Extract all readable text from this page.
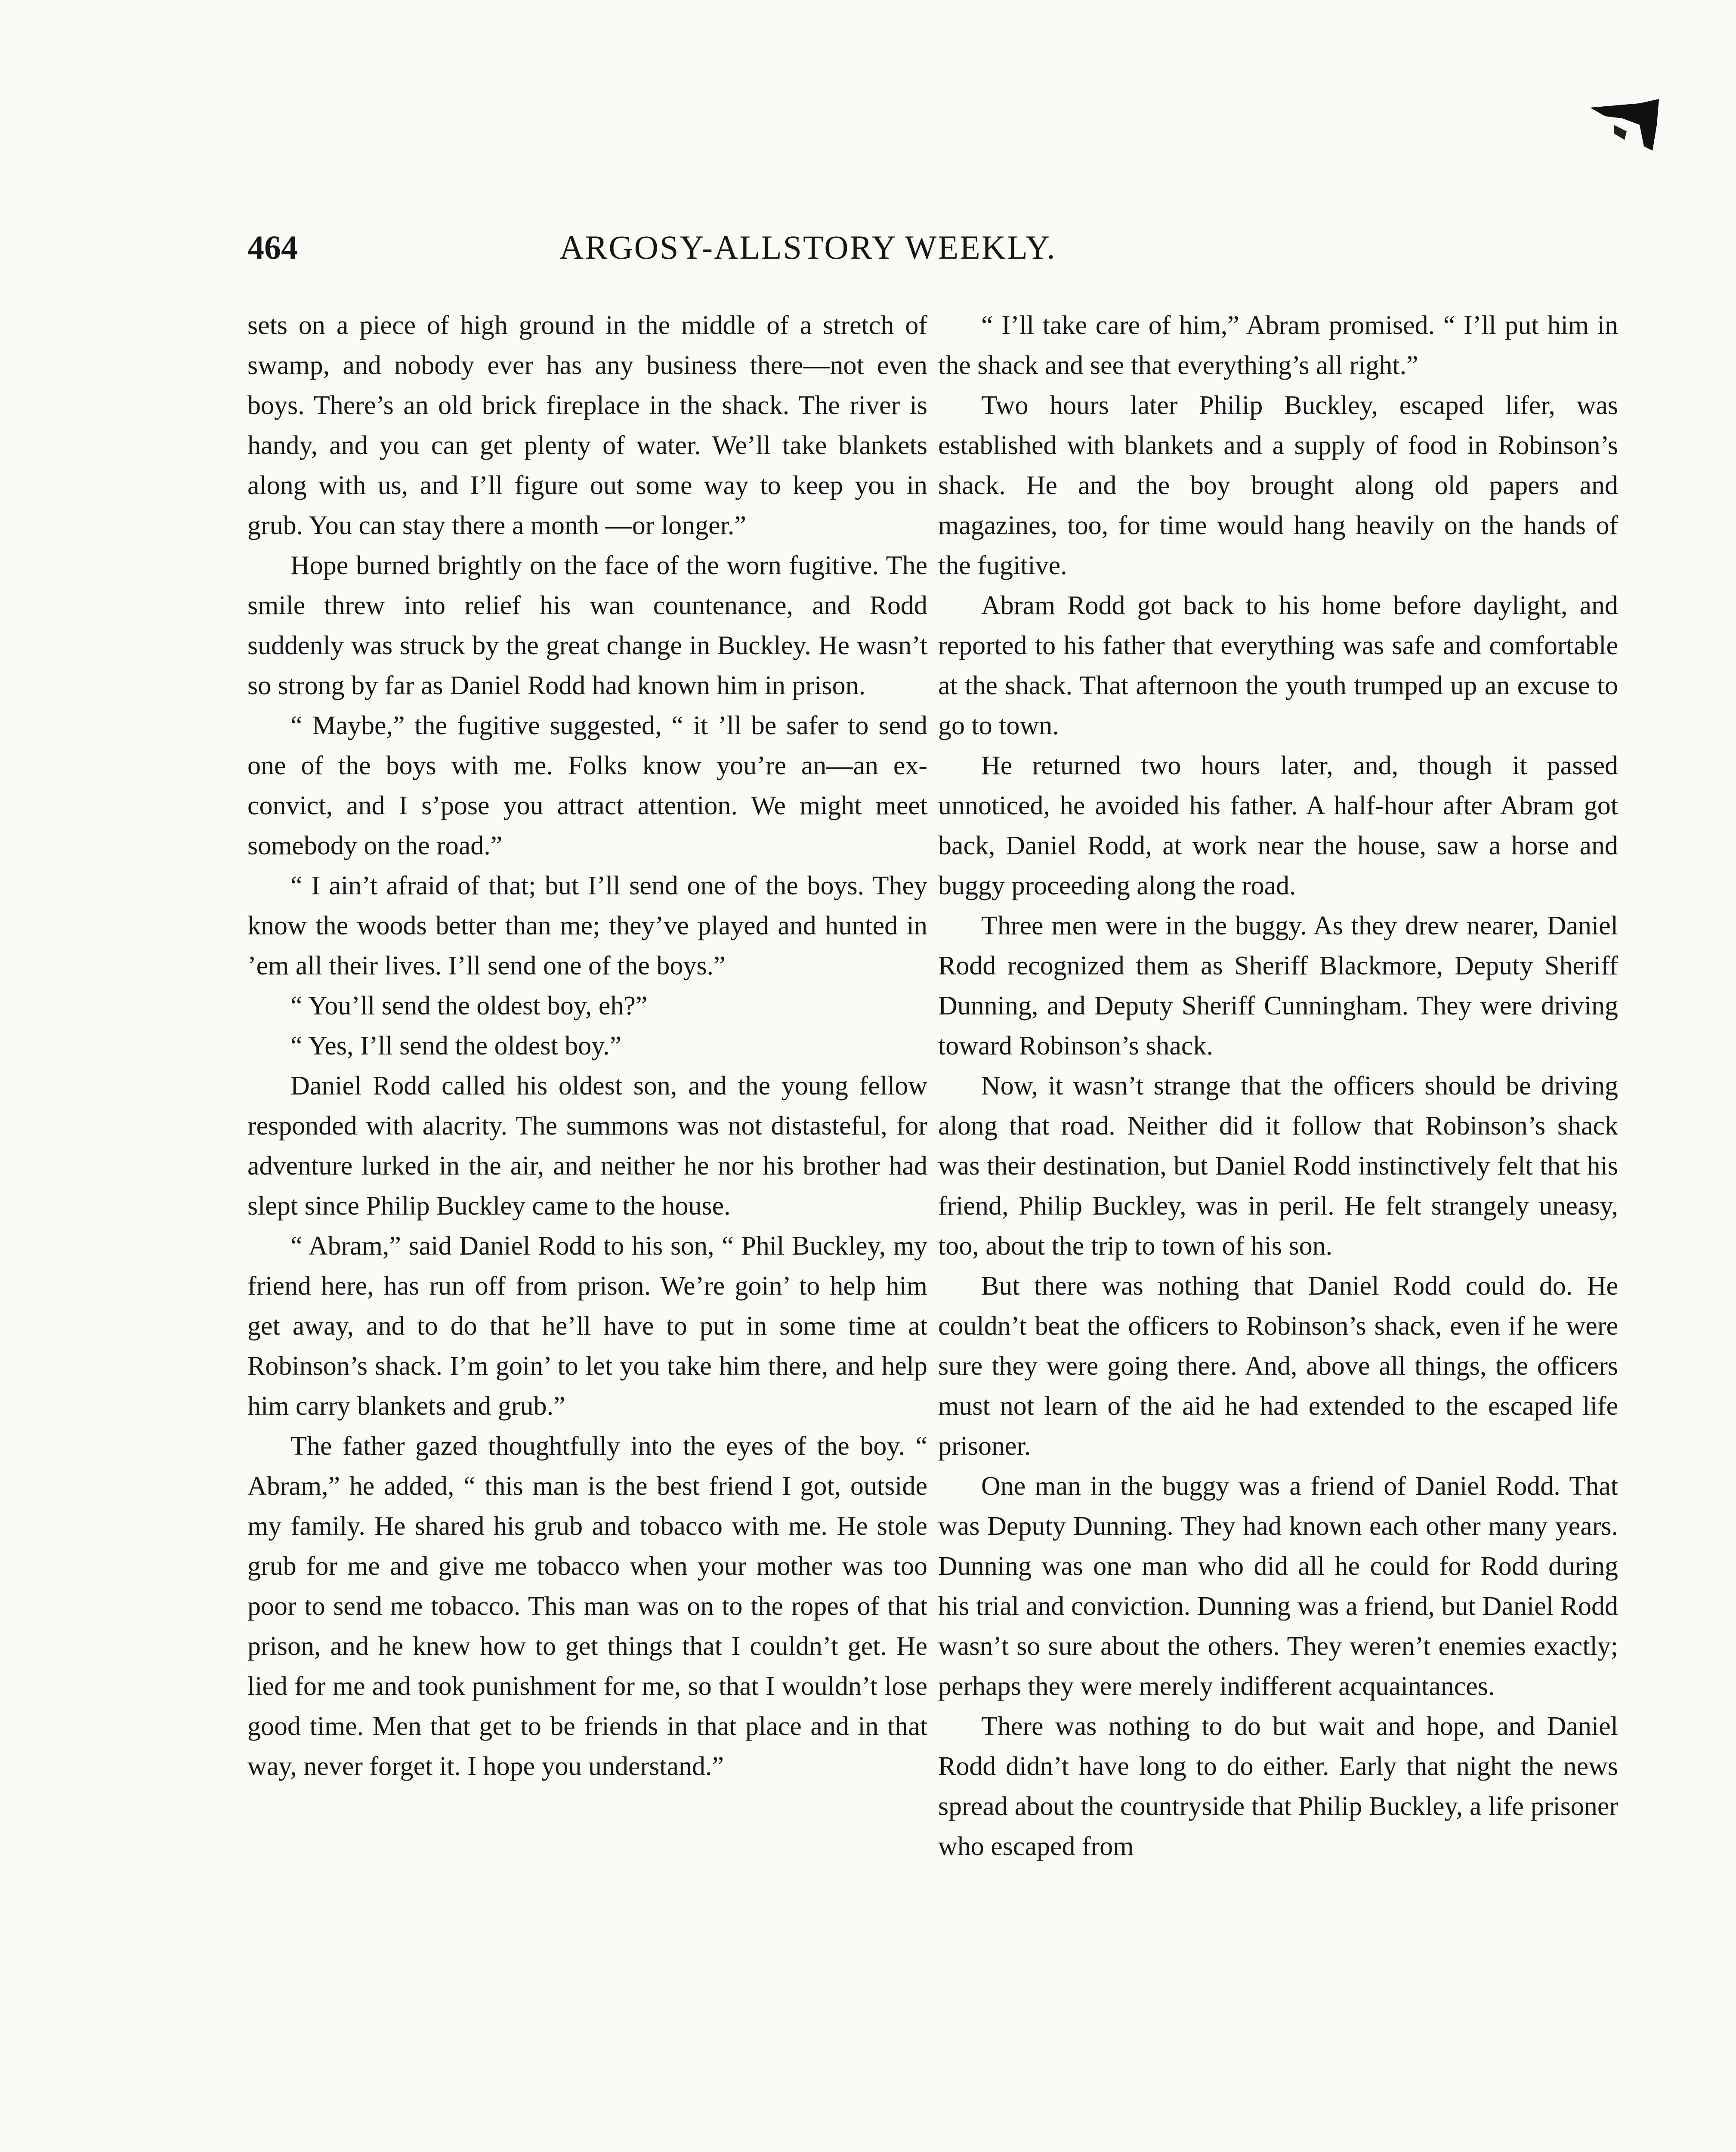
464	ARGOSY-ALLSTORY WEEKLY.

sets on a piece of high ground in the middle of a stretch of swamp, and nobody ever has any business there—not even boys. There’s an old brick fireplace in the shack. The river is handy, and you can get plenty of water. We’ll take blankets along with us, and I’ll figure out some way to keep you in grub. You can stay there a month —or longer.”

Hope burned brightly on the face of the worn fugitive. The smile threw into relief his wan countenance, and Rodd suddenly was struck by the great change in Buckley. He wasn’t so strong by far as Daniel Rodd had known him in prison.

“ Maybe,” the fugitive suggested, “ it ’ll be safer to send one of the boys with me. Folks know you’re an—an ex-convict, and I s’pose you attract attention. We might meet somebody on the road.”

“ I ain’t afraid of that; but I’ll send one of the boys. They know the woods better than me; they’ve played and hunted in ’em all their lives. I’ll send one of the boys.”

“ You’ll send the oldest boy, eh?”

“ Yes, I’ll send the oldest boy.”

Daniel Rodd called his oldest son, and the young fellow responded with alacrity. The summons was not distasteful, for adventure lurked in the air, and neither he nor his brother had slept since Philip Buckley came to the house.

“ Abram,” said Daniel Rodd to his son, “ Phil Buckley, my friend here, has run off from prison. We’re goin’ to help him get away, and to do that he’ll have to put in some time at Robinson’s shack. I’m goin’ to let you take him there, and help him carry blankets and grub.”

The father gazed thoughtfully into the eyes of the boy. “ Abram,” he added, “ this man is the best friend I got, outside my family. He shared his grub and tobacco with me. He stole grub for me and give me tobacco when your mother was too poor to send me tobacco. This man was on to the ropes of that prison, and he knew how to get things that I couldn’t get. He lied for me and took punishment for me, so that I wouldn’t lose good time. Men that get to be friends in that place and in that way, never forget it. I hope you understand.”

“ I’ll take care of him,” Abram promised. “ I’ll put him in the shack and see that everything’s all right.”

Two hours later Philip Buckley, escaped lifer, was established with blankets and a supply of food in Robinson’s shack. He and the boy brought along old papers and magazines, too, for time would hang heavily on the hands of the fugitive.

Abram Rodd got back to his home before daylight, and reported to his father that everything was safe and comfortable at the shack. That afternoon the youth trumped up an excuse to go to town.

He returned two hours later, and, though it passed unnoticed, he avoided his father. A half-hour after Abram got back, Daniel Rodd, at work near the house, saw a horse and buggy proceeding along the road.

Three men were in the buggy. As they drew nearer, Daniel Rodd recognized them as Sheriff Blackmore, Deputy Sheriff Dunning, and Deputy Sheriff Cunningham. They were driving toward Robinson’s shack.

Now, it wasn’t strange that the officers should be driving along that road. Neither did it follow that Robinson’s shack was their destination, but Daniel Rodd instinctively felt that his friend, Philip Buckley, was in peril. He felt strangely uneasy, too, about the trip to town of his son.

But there was nothing that Daniel Rodd could do. He couldn’t beat the officers to Robinson’s shack, even if he were sure they were going there. And, above all things, the officers must not learn of the aid he had extended to the escaped life prisoner.

One man in the buggy was a friend of Daniel Rodd. That was Deputy Dunning. They had known each other many years. Dunning was one man who did all he could for Rodd during his trial and conviction. Dunning was a friend, but Daniel Rodd wasn’t so sure about the others. They weren’t enemies exactly; perhaps they were merely indifferent acquaintances.

There was nothing to do but wait and hope, and Daniel Rodd didn’t have long to do either. Early that night the news spread about the countryside that Philip Buckley, a life prisoner who escaped from
